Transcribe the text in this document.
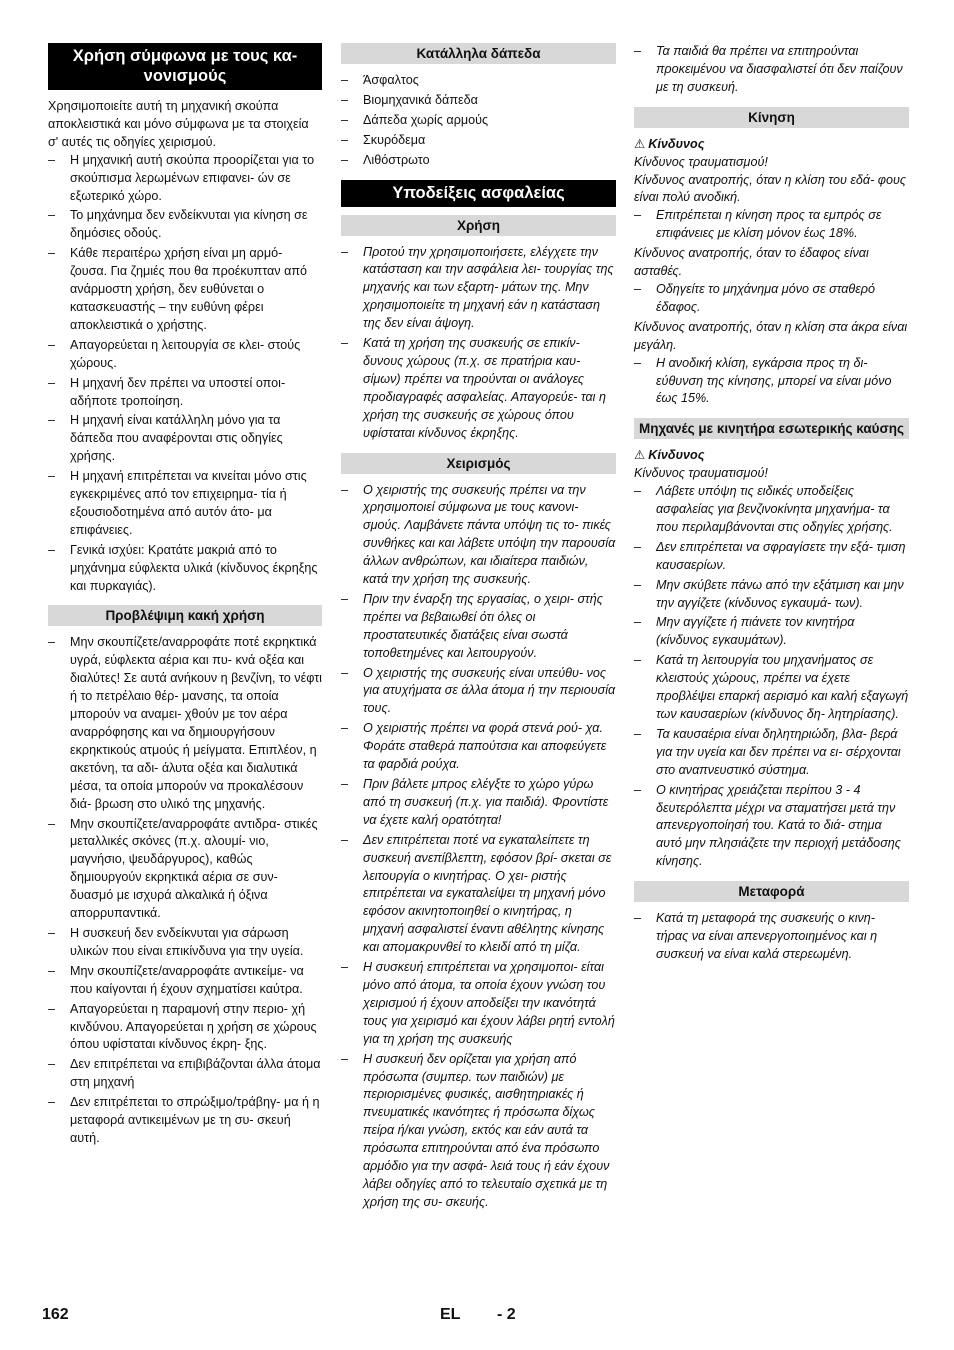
Χρήση σύμφωνα με τους κα- νονισμούς

Χρησιμοποιείτε αυτή τη μηχανική σκούπα αποκλειστικά και μόνο σύμφωνα με τα στοιχεία σ' αυτές τις οδηγίες χειρισμού.

– Η μηχανική αυτή σκούπα προορίζεται για το σκούπισμα λερωμένων επιφανει- ών σε εξωτερικό χώρο.
– Το μηχάνημα δεν ενδείκνυται για κίνηση σε δημόσιες οδούς.
– Κάθε περαιτέρω χρήση είναι μη αρμό- ζουσα. Για ζημιές που θα προέκυπταν από ανάρμοστη χρήση, δεν ευθύνεται ο κατασκευαστής – την ευθύνη φέρει αποκλειστικά ο χρήστης.
– Απαγορεύεται η λειτουργία σε κλει- στούς χώρους.
– Η μηχανή δεν πρέπει να υποστεί οποι- αδήποτε τροποίηση.
– Η μηχανή είναι κατάλληλη μόνο για τα δάπεδα που αναφέρονται στις οδηγίες χρήσης.
– Η μηχανή επιτρέπεται να κινείται μόνο στις εγκεκριμένες από τον επιχειρημα- τία ή εξουσιοδοτημένα από αυτόν άτο- μα επιφάνειες.
– Γενικά ισχύει: Κρατάτε μακριά από το μηχάνημα εύφλεκτα υλικά (κίνδυνος έκρηξης και πυρκαγιάς).
Προβλέψιμη κακή χρήση
– Μην σκουπίζετε/αναρροφάτε ποτέ εκρηκτικά υγρά, εύφλεκτα αέρια και πυ- κνά οξέα και διαλύτες! Σε αυτά ανήκουν η βενζίνη, το νέφτι ή το πετρέλαιο θέρ- μανσης, τα οποία μπορούν να αναμει- χθούν με τον αέρα αναρρόφησης και να δημιουργήσουν εκρηκτικούς ατμούς ή μείγματα. Επιπλέον, η ακετόνη, τα αδι- άλυτα οξέα και διαλυτικά μέσα, τα οποία μπορούν να προκαλέσουν διά- βρωση στο υλικό της μηχανής.
– Μην σκουπίζετε/αναρροφάτε αντιδρα- στικές μεταλλικές σκόνες (π.χ. αλουμί- νιο, μαγνήσιο, ψευδάργυρος), καθώς δημιουργούν εκρηκτικά αέρια σε συν- δυασμό με ισχυρά αλκαλικά ή όξινα απορρυπαντικά.
– Η συσκευή δεν ενδείκνυται για σάρωση υλικών που είναι επικίνδυνα για την υγεία.
– Μην σκουπίζετε/αναρροφάτε αντικείμε- να που καίγονται ή έχουν σχηματίσει καύτρα.
– Απαγορεύεται η παραμονή στην περιο- χή κινδύνου. Απαγορεύεται η χρήση σε χώρους όπου υφίσταται κίνδυνος έκρη- ξης.
– Δεν επιτρέπεται να επιβιβάζονται άλλα άτομα στη μηχανή
– Δεν επιτρέπεται το σπρώξιμο/τράβηγ- μα ή η μεταφορά αντικειμένων με τη συ- σκευή αυτή.
Κατάλληλα δάπεδα
– Άσφαλτος
– Βιομηχανικά δάπεδα
– Δάπεδα χωρίς αρμούς
– Σκυρόδεμα
– Λιθόστρωτο
Υποδείξεις ασφαλείας
Χρήση
– Προτού την χρησιμοποιήσετε, ελέγχετε την κατάσταση και την ασφάλεια λει- τουργίας της μηχανής και των εξαρτη- μάτων της. Μην χρησιμοποιείτε τη μηχανή εάν η κατάσταση της δεν είναι άψογη.
– Κατά τη χρήση της συσκευής σε επικίν- δυνους χώρους (π.χ. σε πρατήρια καυ- σίμων) πρέπει να τηρούνται οι ανάλογες προδιαγραφές ασφαλείας. Απαγορεύε- ται η χρήση της συσκευής σε χώρους όπου υφίσταται κίνδυνος έκρηξης.
Χειρισμός
– Ο χειριστής της συσκευής πρέπει να την χρησιμοποιεί σύμφωνα με τους κανονι- σμούς. Λαμβάνετε πάντα υπόψη τις το- πικές συνθήκες και και λάβετε υπόψη την παρουσία άλλων ανθρώπων, και ιδιαίτερα παιδιών, κατά την χρήση της συσκευής.
– Πριν την έναρξη της εργασίας, ο χειρι- στής πρέπει να βεβαιωθεί ότι όλες οι προστατευτικές διατάξεις είναι σωστά τοποθετημένες και λειτουργούν.
– Ο χειριστής της συσκευής είναι υπεύθυ- νος για ατυχήματα σε άλλα άτομα ή την περιουσία τους.
– Ο χειριστής πρέπει να φορά στενά ρού- χα. Φοράτε σταθερά παπούτσια και αποφεύγετε τα φαρδιά ρούχα.
– Πριν βάλετε μπρος ελέγξτε το χώρο γύρω από τη συσκευή (π.χ. για παιδιά). Φροντίστε να έχετε καλή ορατότητα!
– Δεν επιτρέπεται ποτέ να εγκαταλείπετε τη συσκευή ανεπίβλεπτη, εφόσον βρί- σκεται σε λειτουργία ο κινητήρας. Ο χει- ριστής επιτρέπεται να εγκαταλείψει τη μηχανή μόνο εφόσον ακινητοποιηθεί ο κινητήρας, η μηχανή ασφαλιστεί έναντι αθέλητης κίνησης και απομακρυνθεί το κλειδί από τη μίζα.
– Η συσκευή επιτρέπεται να χρησιμοποι- είται μόνο από άτομα, τα οποία έχουν γνώση του χειρισμού ή έχουν αποδείξει την ικανότητά τους για χειρισμό και έχουν λάβει ρητή εντολή για τη χρήση της συσκευής
– Η συσκευή δεν ορίζεται για χρήση από πρόσωπα (συμπερ. των παιδιών) με περιορισμένες φυσικές, αισθητηριακές ή πνευματικές ικανότητες ή πρόσωπα δίχως πείρα ή/και γνώση, εκτός και εάν αυτά τα πρόσωπα επιτηρούνται από ένα πρόσωπο αρμόδιο για την ασφά- λειά τους ή εάν έχουν λάβει οδηγίες από το τελευταίο σχετικά με τη χρήση της συ- σκευής.
– Τα παιδιά θα πρέπει να επιτηρούνται προκειμένου να διασφαλιστεί ότι δεν παίζουν με τη συσκευή.
Κίνηση
⚠ Κίνδυνος

Κίνδυνος τραυματισμού!

Κίνδυνος ανατροπής, όταν η κλίση του εδά- φους είναι πολύ ανοδική.

– Επιτρέπεται η κίνηση προς τα εμπρός σε επιφάνειες με κλίση μόνον έως 18%.

Κίνδυνος ανατροπής, όταν το έδαφος είναι ασταθές.

– Οδηγείτε το μηχάνημα μόνο σε σταθερό έδαφος.

Κίνδυνος ανατροπής, όταν η κλίση στα άκρα είναι μεγάλη.

– Η ανοδική κλίση, εγκάρσια προς τη δι- εύθυνση της κίνησης, μπορεί να είναι μόνο έως 15%.
Μηχανές με κινητήρα εσωτερικής καύσης
⚠ Κίνδυνος

Κίνδυνος τραυματισμού!

– Λάβετε υπόψη τις ειδικές υποδείξεις ασφαλείας για βενζινοκίνητα μηχανήμα- τα που περιλαμβάνονται στις οδηγίες χρήσης.
– Δεν επιτρέπεται να σφραγίσετε την εξά- τμιση καυσαερίων.
– Μην σκύβετε πάνω από την εξάτμιση και μην την αγγίζετε (κίνδυνος εγκαυμά- των).
– Μην αγγίζετε ή πιάνετε τον κινητήρα (κίνδυνος εγκαυμάτων).
– Κατά τη λειτουργία του μηχανήματος σε κλειστούς χώρους, πρέπει να έχετε προβλέψει επαρκή αερισμό και καλή εξαγωγή των καυσαερίων (κίνδυνος δη- λητηρίασης).
– Τα καυσαέρια είναι δηλητηριώδη, βλα- βερά για την υγεία και δεν πρέπει να ει- σέρχονται στο αναπνευστικό σύστημα.
– Ο κινητήρας χρειάζεται περίπου 3 - 4 δευτερόλεπτα μέχρι να σταματήσει μετά την απενεργοποίησή του. Κατά το διά- στημα αυτό μην πλησιάζετε την περιοχή μετάδοσης κίνησης.
Μεταφορά
– Κατά τη μεταφορά της συσκευής ο κινη- τήρας να είναι απενεργοποιημένος και η συσκευή να είναι καλά στερεωμένη.
162	EL - 2
